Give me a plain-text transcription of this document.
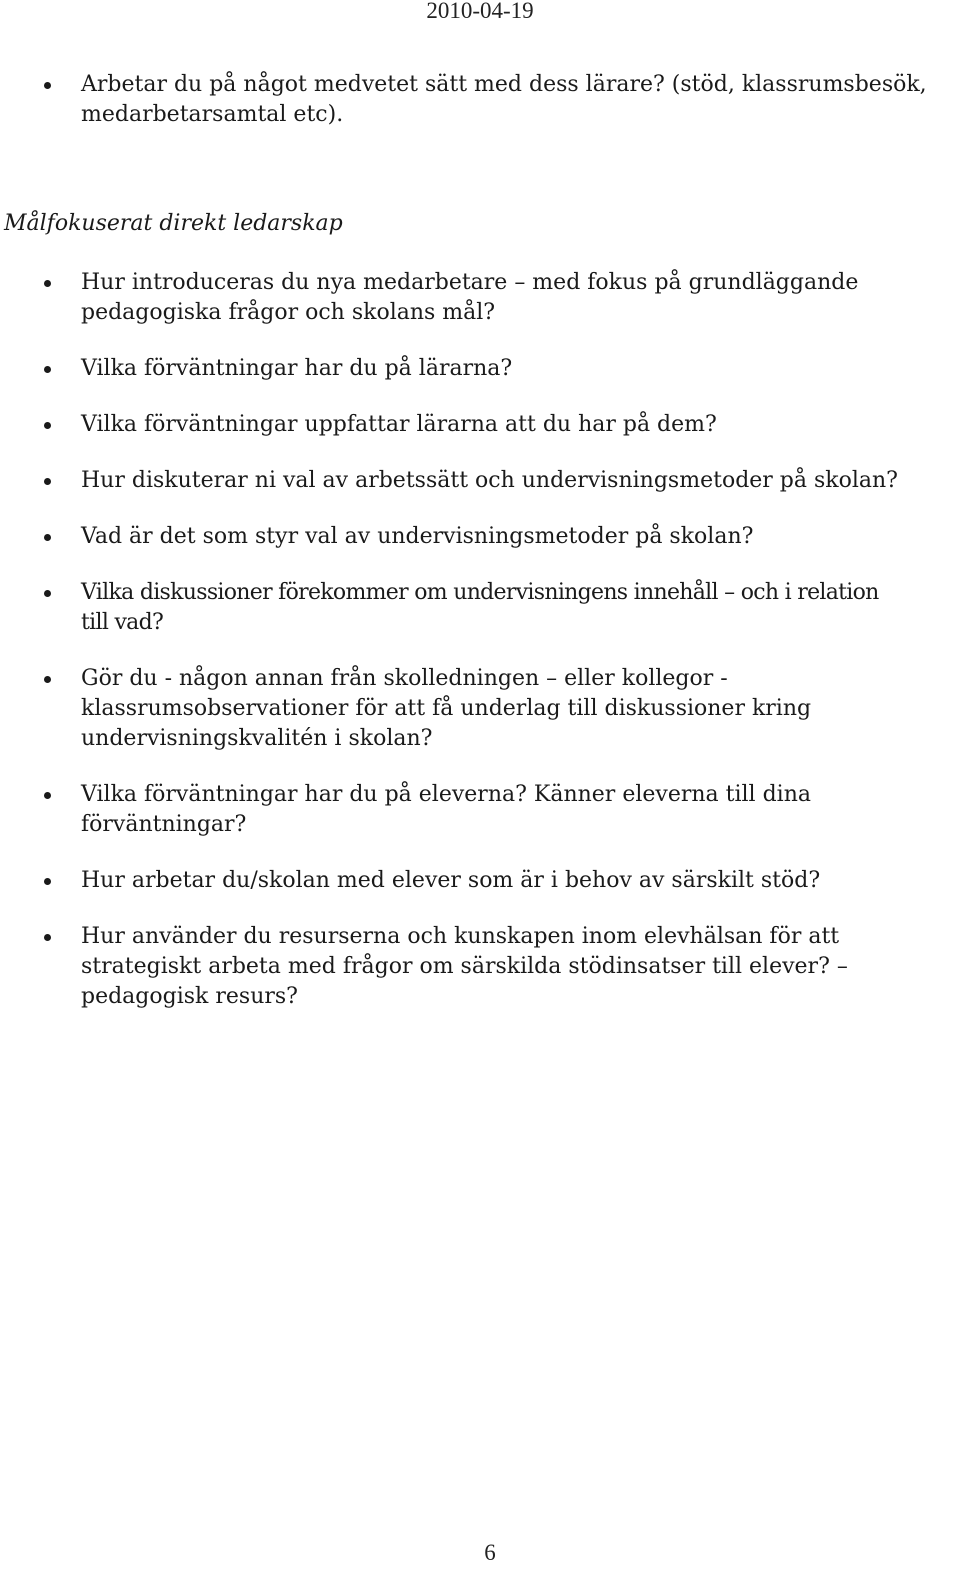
2010-04-19
Arbetar du på något medvetet sätt med dess lärare? (stöd, klassrumsbesök,
medarbetarsamtal etc).
Målfokuserat direkt ledarskap
Hur introduceras du nya medarbetare – med fokus på grundläggande
pedagogiska frågor och skolans mål?
Vilka förväntningar har du på lärarna?
Vilka förväntningar uppfattar lärarna att du har på dem?
Hur diskuterar ni val av arbetssätt och undervisningsmetoder på skolan?
Vad är det som styr val av undervisningsmetoder på skolan?
Vilka diskussioner förekommer om undervisningens innehåll – och i relation
till vad?
Gör du - någon annan från skolledningen – eller kollegor -
klassrumsobservationer för att få underlag till diskussioner kring
undervisningskvalitén i skolan?
Vilka förväntningar har du på eleverna? Känner eleverna till dina
förväntningar?
Hur arbetar du/skolan med elever som är i behov av särskilt stöd?
Hur använder du resurserna och kunskapen inom elevhälsan för att
strategiskt arbeta med frågor om särskilda stödinsatser till elever? –
pedagogisk resurs?
6
